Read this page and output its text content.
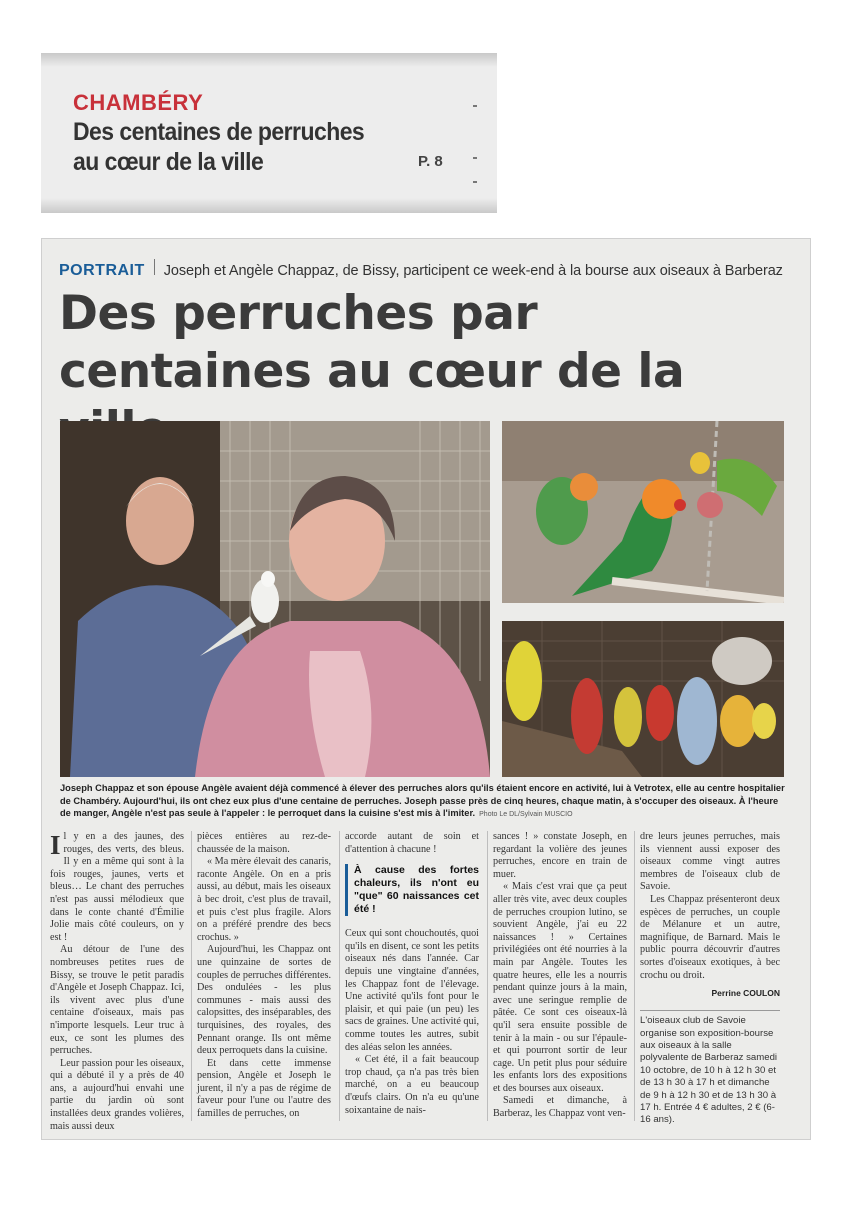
CHAMBÉRY
Des centaines de perruches au cœur de la ville	P. 8
PORTRAIT Joseph et Angèle Chappaz, de Bissy, participent ce week-end à la bourse aux oiseaux à Barberaz
Des perruches par centaines au cœur de la

Joseph Chappaz et son épouse Angèle avaient déjà commencé à élever des perruches alors qu'ils étaient encore en activité, lui à Vetrotex, elle au centre hospitalier de Chambéry. Aujourd'hui, ils ont chez eux plus d'une centaine de perruches. Joseph passe près de cinq heures, chaque matin, à s'occuper des oiseaux. À l'heure de manger, Angèle n'est pas seule à l'appeler : le perroquet dans la cuisine s'est mis à l'imiter. Photo Le DL/Sylvain MUSCIO

Il y en a des jaunes, des rouges, des verts, des bleus. Il y en a même qui sont à la fois rouges, jaunes, verts et bleus… Le chant des perruches n'est pas aussi mélodieux que dans le conte chanté d'Émilie Jolie mais côté couleurs, on y est !

Au détour de l'une des nombreuses petites rues de Bissy, se trouve le petit paradis d'Angèle et Joseph Chappaz. Ici, ils vivent avec plus d'une centaine d'oiseaux, mais pas n'importe lesquels. Leur truc à eux, ce sont les plumes des perruches.

Leur passion pour les oiseaux, qui a débuté il y a près de 40 ans, a aujourd'hui envahi une partie du jardin où sont installées deux grandes volières, mais aussi deux

pièces entières au rez-de-chaussée de la maison.

« Ma mère élevait des canaris, raconte Angèle. On en a pris aussi, au début, mais les oiseaux à bec droit, c'est plus de travail, et puis c'est plus fragile. Alors on a préféré prendre des becs crochus. »

Aujourd'hui, les Chappaz ont une quinzaine de sortes de couples de perruches différentes. Des ondulées - les plus communes - mais aussi des calopsittes, des inséparables, des turquisines, des royales, des Pennant orange. Ils ont même deux perroquets dans la cuisine.

Et dans cette immense pension, Angèle et Joseph le jurent, il n'y a pas de régime de faveur pour l'une ou l'autre des familles de perruches, on

accorde autant de soin et d'attention à chacune !

À cause des fortes chaleurs, ils n'ont eu "que" 60 naissances cet été !

Ceux qui sont chouchoutés, quoi qu'ils en disent, ce sont les petits oiseaux nés dans l'année. Car depuis une vingtaine d'années, les Chappaz font de l'élevage. Une activité qu'ils font pour le plaisir, et qui paie (un peu) les sacs de graines. Une activité qui, comme toutes les autres, subit des aléas selon les années.

« Cet été, il a fait beaucoup trop chaud, ça n'a pas très bien marché, on a eu beaucoup d'œufs clairs. On n'a eu qu'une soixantaine de nais-

sances ! » constate Joseph, en regardant la volière des jeunes perruches, encore en train de muer.

« Mais c'est vrai que ça peut aller très vite, avec deux couples de perruches croupion lutino, se souvient Angèle, j'ai eu 22 naissances ! » Certaines privilégiées ont été nourries à la main par Angèle. Toutes les quatre heures, elle les a nourris pendant quinze jours à la main, avec une seringue remplie de pâtée. Ce sont ces oiseaux-là qu'il sera ensuite possible de tenir à la main - ou sur l'épaule- et qui pourront sortir de leur cage. Un petit plus pour séduire les enfants lors des expositions et des bourses aux oiseaux.

Samedi et dimanche, à Barberaz, les Chappaz vont ven-

dre leurs jeunes perruches, mais ils viennent aussi exposer des oiseaux comme vingt autres membres de l'oiseaux club de Savoie.

Les Chappaz présenteront deux espèces de perruches, un couple de Mélanure et un autre, magnifique, de Barnard. Mais le public pourra découvrir d'autres sortes d'oiseaux exotiques, à bec crochu ou droit.

Perrine COULON
L'oiseaux club de Savoie organise son exposition-bourse aux oiseaux à la salle polyvalente de Barberaz samedi 10 octobre, de 10 h à 12 h 30 et de 13 h 30 à 17 h et dimanche de 9 h à 12 h 30 et de 13 h 30 à 17 h. Entrée 4 € adultes, 2 € (6-16 ans).
